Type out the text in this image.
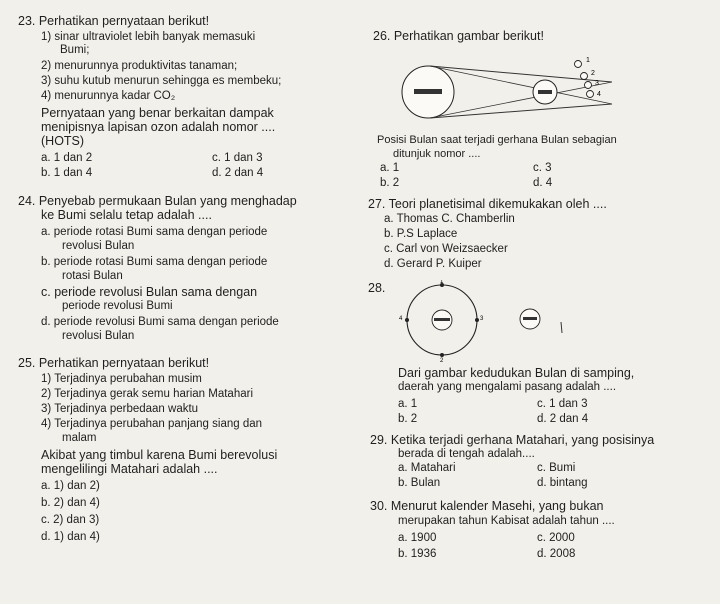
23. Perhatikan pernyataan berikut!
1) sinar ultraviolet lebih banyak memasuki
Bumi;
2) menurunnya produktivitas tanaman;
3) suhu kutub menurun sehingga es membeku;
4) menurunnya kadar CO₂
Pernyataan yang benar berkaitan dampak
menipisnya lapisan ozon adalah nomor ....
(HOTS)
a. 1 dan 2	c. 1 dan 3
b. 1 dan 4	d. 2 dan 4
24. Penyebab permukaan Bulan yang menghadap
ke Bumi selalu tetap adalah ....
a. periode rotasi Bumi sama dengan periode
revolusi Bulan
b. periode rotasi Bumi sama dengan periode
rotasi Bulan
c. periode revolusi Bulan sama dengan
periode revolusi Bumi
d. periode revolusi Bumi sama dengan periode
revolusi Bulan
25. Perhatikan pernyataan berikut!
1) Terjadinya perubahan musim
2) Terjadinya gerak semu harian Matahari
3) Terjadinya perbedaan waktu
4) Terjadinya perubahan panjang siang dan
malam
Akibat yang timbul karena Bumi berevolusi
mengelilingi Matahari adalah ....
a. 1) dan 2)
b. 2) dan 4)
c. 2) dan 3)
d. 1) dan 4)
26. Perhatikan gambar berikut!
1
2
3
4
Posisi Bulan saat terjadi gerhana Bulan sebagian
ditunjuk nomor ....
a. 1	c. 3
b. 2	d. 4
27. Teori planetisimal dikemukakan oleh ....
a. Thomas C. Chamberlin
b. P.S Laplace
c. Carl von Weizsaecker
d. Gerard P. Kuiper
28.	1
4	3
2
Dari gambar kedudukan Bulan di samping,
daerah yang mengalami pasang adalah ....
a. 1	c. 1 dan 3
b. 2	d. 2 dan 4
29. Ketika terjadi gerhana Matahari, yang posisinya
berada di tengah adalah....
a. Matahari	c. Bumi
b. Bulan	d. bintang
30. Menurut kalender Masehi, yang bukan
merupakan tahun Kabisat adalah tahun ....
a. 1900	c. 2000
b. 1936	d. 2008
